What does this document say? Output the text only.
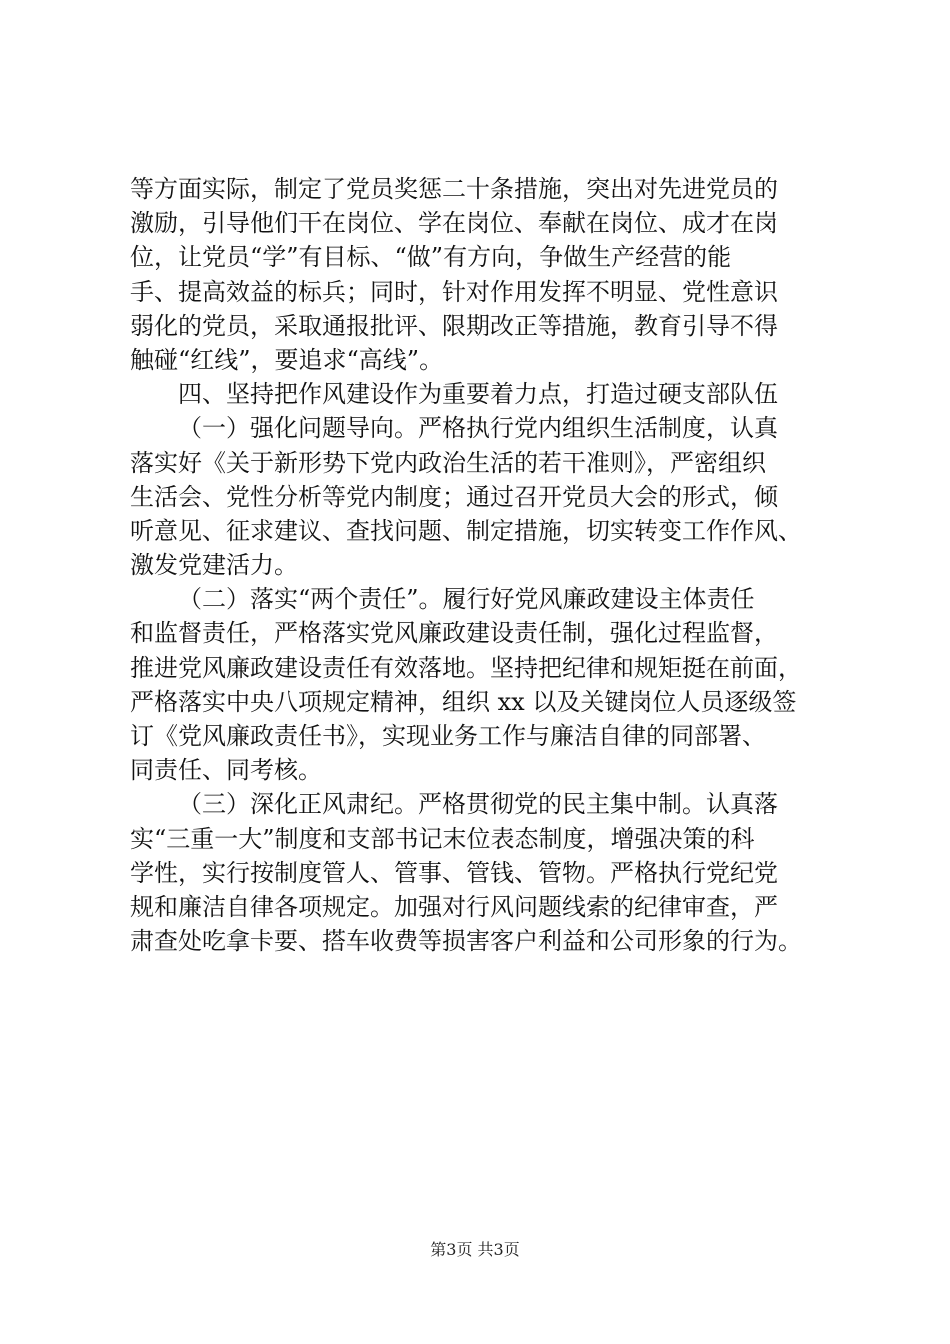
等方面实际，制定了党员奖惩二十条措施，突出对先进党员的
激励，引导他们干在岗位、学在岗位、奉献在岗位、成才在岗
位，让党员“学”有目标、“做”有方向，争做生产经营的能
手、提高效益的标兵；同时，针对作用发挥不明显、党性意识
弱化的党员，采取通报批评、限期改正等措施，教育引导不得
触碰“红线”，要追求“高线”。
四、坚持把作风建设作为重要着力点，打造过硬支部队伍
（一）强化问题导向。严格执行党内组织生活制度，认真
落实好《关于新形势下党内政治生活的若干准则》，严密组织
生活会、党性分析等党内制度；通过召开党员大会的形式，倾
听意见、征求建议、查找问题、制定措施，切实转变工作作风、
激发党建活力。
（二）落实“两个责任”。履行好党风廉政建设主体责任
和监督责任，严格落实党风廉政建设责任制，强化过程监督，
推进党风廉政建设责任有效落地。坚持把纪律和规矩挺在前面，
严格落实中央八项规定精神，组织 xx 以及关键岗位人员逐级签
订《党风廉政责任书》，实现业务工作与廉洁自律的同部署、
同责任、同考核。
（三）深化正风肃纪。严格贯彻党的民主集中制。认真落
实“三重一大”制度和支部书记末位表态制度，增强决策的科
学性，实行按制度管人、管事、管钱、管物。严格执行党纪党
规和廉洁自律各项规定。加强对行风问题线索的纪律审查，严
肃查处吃拿卡要、搭车收费等损害客户利益和公司形象的行为。
第3页 共3页
